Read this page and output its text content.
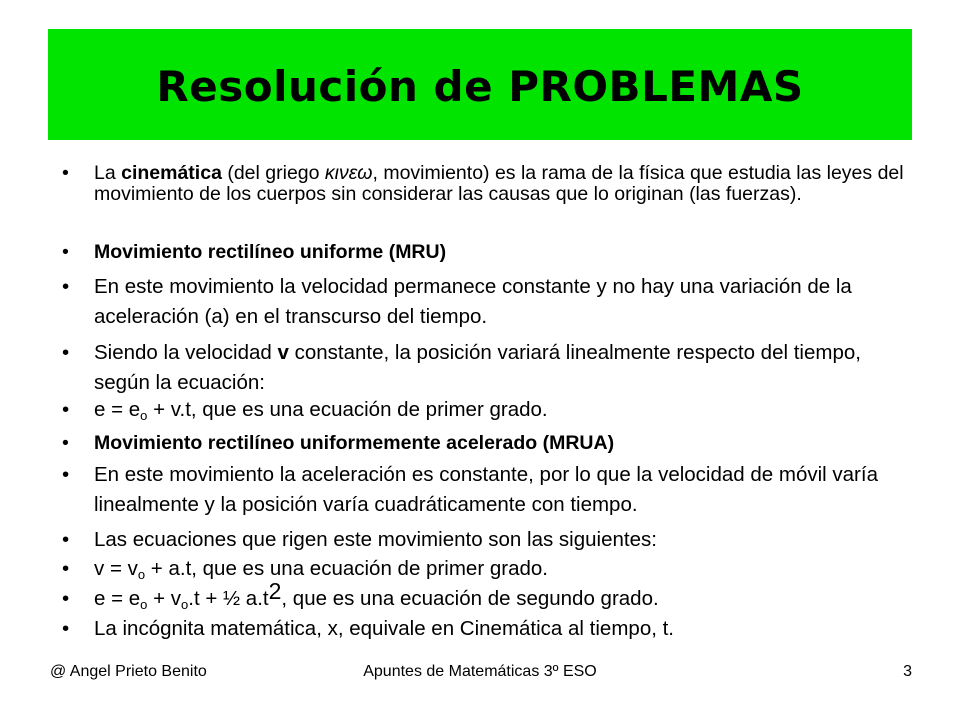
Resolución de PROBLEMAS
•	La cinemática (del griego κινεω, movimiento) es la rama de la física que estudia las leyes del movimiento de los cuerpos sin considerar las causas que lo originan (las fuerzas).
•	Movimiento rectilíneo uniforme (MRU)
•	En este movimiento la velocidad permanece constante y no hay una variación de la aceleración (a) en el transcurso del tiempo.
•	Siendo la velocidad v constante, la posición variará linealmente respecto del tiempo, según la ecuación:
•	$e = e_o + v.t$, que es una ecuación de primer grado.
•	Movimiento rectilíneo uniformemente acelerado (MRUA)
•	En este movimiento la aceleración es constante, por lo que la velocidad de móvil varía linealmente y la posición varía cuadráticamente con tiempo.
•	Las ecuaciones que rigen este movimiento son las siguientes:
•	$v = v_o + a.t$, que es una ecuación de primer grado.
•	$e = e_o + v_o.t$ + ½ $a.t^2$, que es una ecuación de segundo grado.
•	La incógnita matemática, x, equivale en Cinemática al tiempo, t.
@ Angel Prieto Benito	Apuntes de Matemáticas 3º ESO	3
